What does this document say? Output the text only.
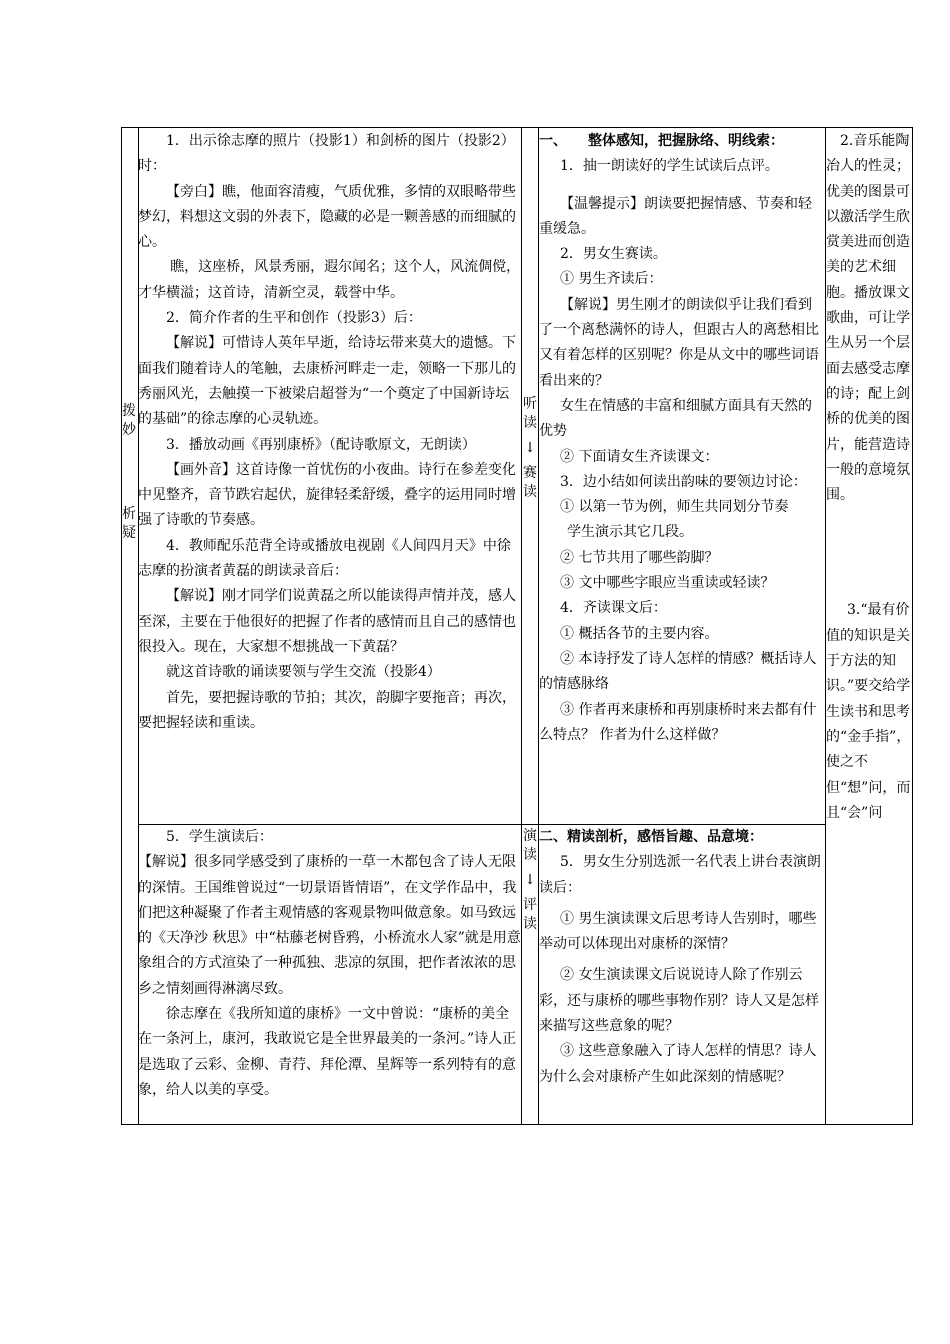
拨
妙
析
疑

1．出示徐志摩的照片（投影1）和剑桥的图片（投影2）时：

【旁白】瞧，他面容清瘦，气质优雅，多情的双眼略带些梦幻，料想这文弱的外表下，隐藏的必是一颗善感的而细腻的心。

瞧，这座桥，风景秀丽，遐尔闻名；这个人，风流倜傥，才华横溢；这首诗，清新空灵，载誉中华。

2．简介作者的生平和创作（投影3）后：

【解说】可惜诗人英年早逝，给诗坛带来莫大的遗憾。下面我们随着诗人的笔触，去康桥河畔走一走，领略一下那儿的秀丽风光，去触摸一下被梁启超誉为“一个奠定了中国新诗坛的基础”的徐志摩的心灵轨迹。

3．播放动画《再别康桥》（配诗歌原文，无朗读）

【画外音】这首诗像一首忧伤的小夜曲。诗行在参差变化中见整齐，音节跌宕起伏，旋律轻柔舒缓，叠字的运用同时增强了诗歌的节奏感。

4．教师配乐范背全诗或播放电视剧《人间四月天》中徐志摩的扮演者黄磊的朗读录音后：

【解说】刚才同学们说黄磊之所以能读得声情并茂，感人至深，主要在于他很好的把握了作者的感情而且自己的感情也很投入。现在，大家想不想挑战一下黄磊？

就这首诗歌的诵读要领与学生交流（投影4）

首先，要把握诗歌的节拍；其次，韵脚字要拖音；再次，要把握轻读和重读。

听
读
↓
赛
读

一、　　整体感知，把握脉络、明线索：

1．抽一朗读好的学生试读后点评。

【温馨提示】朗读要把握情感、节奏和轻重缓急。

2．男女生赛读。

① 男生齐读后：

【解说】男生刚才的朗读似乎让我们看到了一个离愁满怀的诗人，但跟古人的离愁相比又有着怎样的区别呢？你是从文中的哪些词语看出来的？

女生在情感的丰富和细腻方面具有天然的优势

② 下面请女生齐读课文：

3．边小结如何读出韵味的要领边讨论：

① 以第一节为例，师生共同划分节奏

学生演示其它几段。

② 七节共用了哪些韵脚？

③ 文中哪些字眼应当重读或轻读？

4．齐读课文后：

① 概括各节的主要内容。

② 本诗抒发了诗人怎样的情感？概括诗人的情感脉络

③ 作者再来康桥和再别康桥时来去都有什么特点？ 作者为什么这样做？

2.音乐能陶冶人的性灵；优美的图景可以激活学生欣赏美进而创造美的艺术细胞。播放课文歌曲，可让学生从另一个层面去感受志摩的诗；配上剑桥的优美的图片，能营造诗一般的意境氛围。

3.“最有价值的知识是关于方法的知识。”要交给学生读书和思考的“金手指”，使之不但“想”问，而且“会”问

5．学生演读后：

【解说】很多同学感受到了康桥的一草一木都包含了诗人无限的深情。王国维曾说过“一切景语皆情语”，在文学作品中，我们把这种凝聚了作者主观情感的客观景物叫做意象。如马致远的《天净沙 秋思》中“枯藤老树昏鸦，小桥流水人家”就是用意象组合的方式渲染了一种孤独、悲凉的氛围，把作者浓浓的思乡之情刻画得淋漓尽致。

徐志摩在《我所知道的康桥》一文中曾说：“康桥的美全在一条河上，康河，我敢说它是全世界最美的一条河。”诗人正是选取了云彩、金柳、青荇、拜伦潭、星辉等一系列特有的意象，给人以美的享受。

演
读
↓
评
读

二、精读剖析，感悟旨趣、品意境：

5．男女生分别选派一名代表上讲台表演朗读后：

① 男生演读课文后思考诗人告别时，哪些举动可以体现出对康桥的深情？

② 女生演读课文后说说诗人除了作别云彩，还与康桥的哪些事物作别？诗人又是怎样来描写这些意象的呢？

③ 这些意象融入了诗人怎样的情思？诗人为什么会对康桥产生如此深刻的情感呢？
